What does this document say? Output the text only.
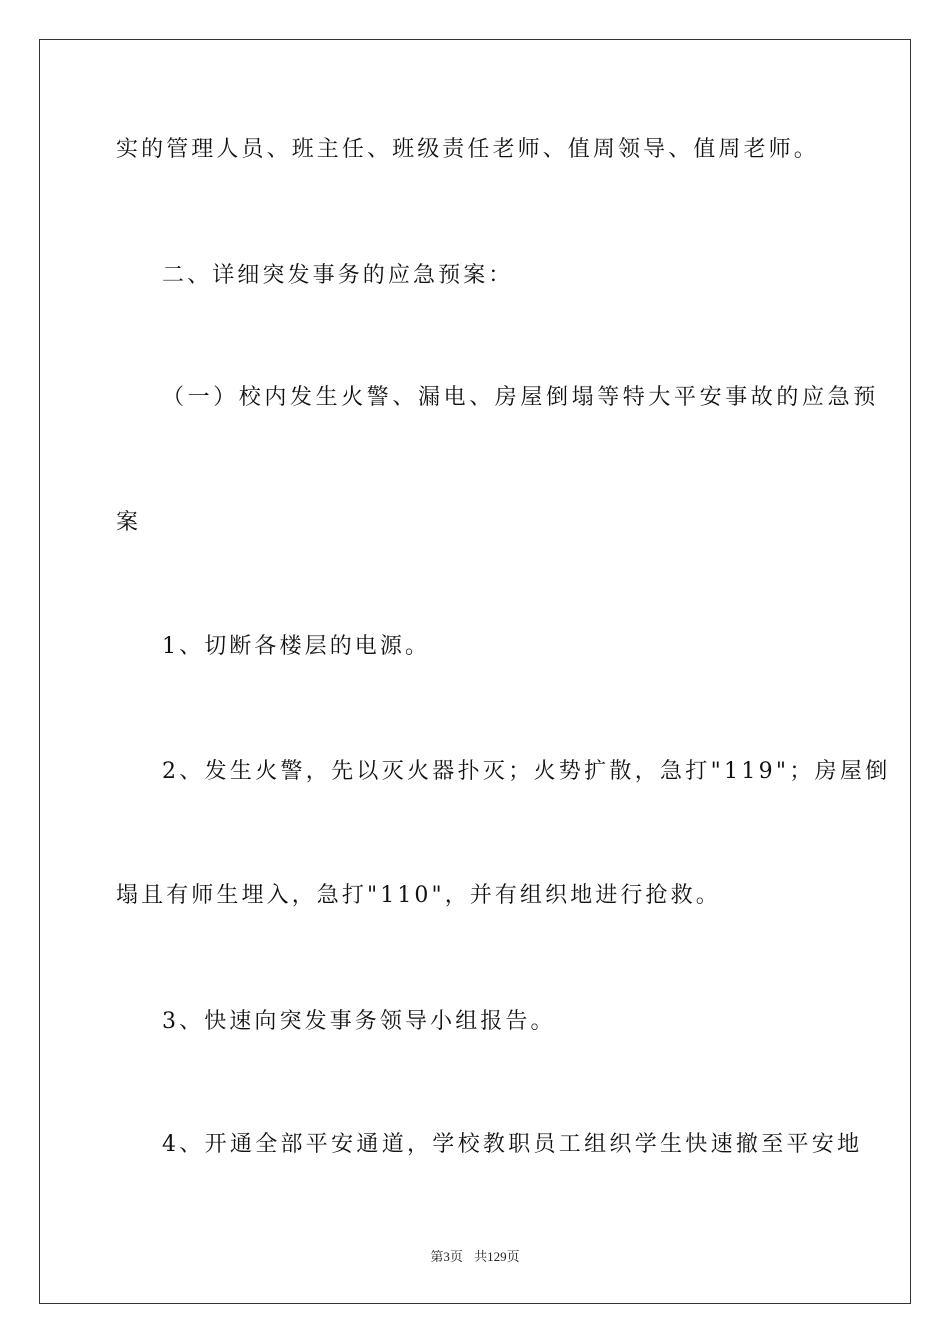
实的管理人员、班主任、班级责任老师、值周领导、值周老师。
二、详细突发事务的应急预案：
（一）校内发生火警、漏电、房屋倒塌等特大平安事故的应急预
案
1、切断各楼层的电源。
2、发生火警，先以灭火器扑灭；火势扩散，急打"119"；房屋倒
塌且有师生埋入，急打"110"，并有组织地进行抢救。
3、快速向突发事务领导小组报告。
4、开通全部平安通道，学校教职员工组织学生快速撤至平安地
第3页 共129页
